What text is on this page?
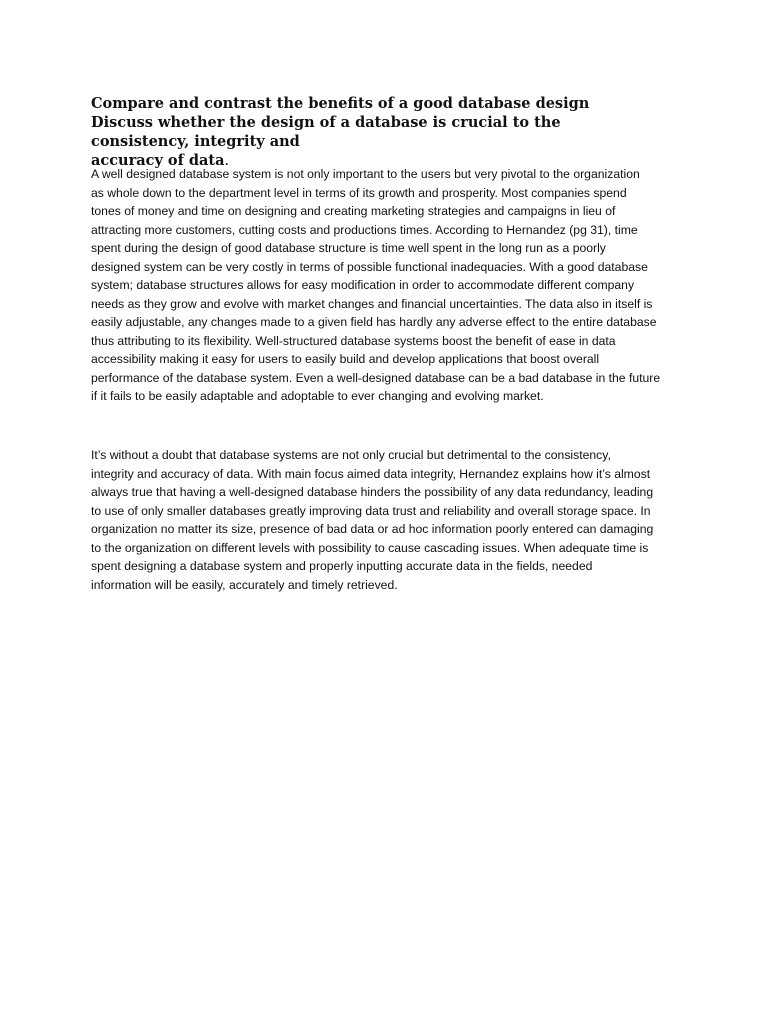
Compare and contrast the benefits of a good database design
Discuss whether the design of a database is crucial to the consistency, integrity and
accuracy of data.
A well designed database system is not only important to the users but very pivotal to the organization
as whole down to the department level in terms of its growth and prosperity. Most companies spend
tones of money and time on designing and creating marketing strategies and campaigns in lieu of
attracting more customers, cutting costs and productions times. According to Hernandez (pg 31), time
spent during the design of good database structure is time well spent in the long run as a poorly
designed system can be very costly in terms of possible functional inadequacies. With a good database
system; database structures allows for easy modification in order to accommodate different company
needs as they grow and evolve with market changes and financial uncertainties. The data also in itself is
easily adjustable, any changes made to a given field has hardly any adverse effect to the entire database
thus attributing to its flexibility. Well-structured database systems boost the benefit of ease in data
accessibility making it easy for users to easily build and develop applications that boost overall
performance of the database system. Even a well-designed database can be a bad database in the future
if it fails to be easily adaptable and adoptable to ever changing and evolving market.
It’s without a doubt that database systems are not only crucial but detrimental to the consistency,
integrity and accuracy of data. With main focus aimed data integrity, Hernandez explains how it’s almost
always true that having a well-designed database hinders the possibility of any data redundancy, leading
to use of only smaller databases greatly improving data trust and reliability and overall storage space. In
organization no matter its size, presence of bad data or ad hoc information poorly entered can damaging
to the organization on different levels with possibility to cause cascading issues. When adequate time is
spent designing a database system and properly inputting accurate data in the fields, needed
information will be easily, accurately and timely retrieved.
